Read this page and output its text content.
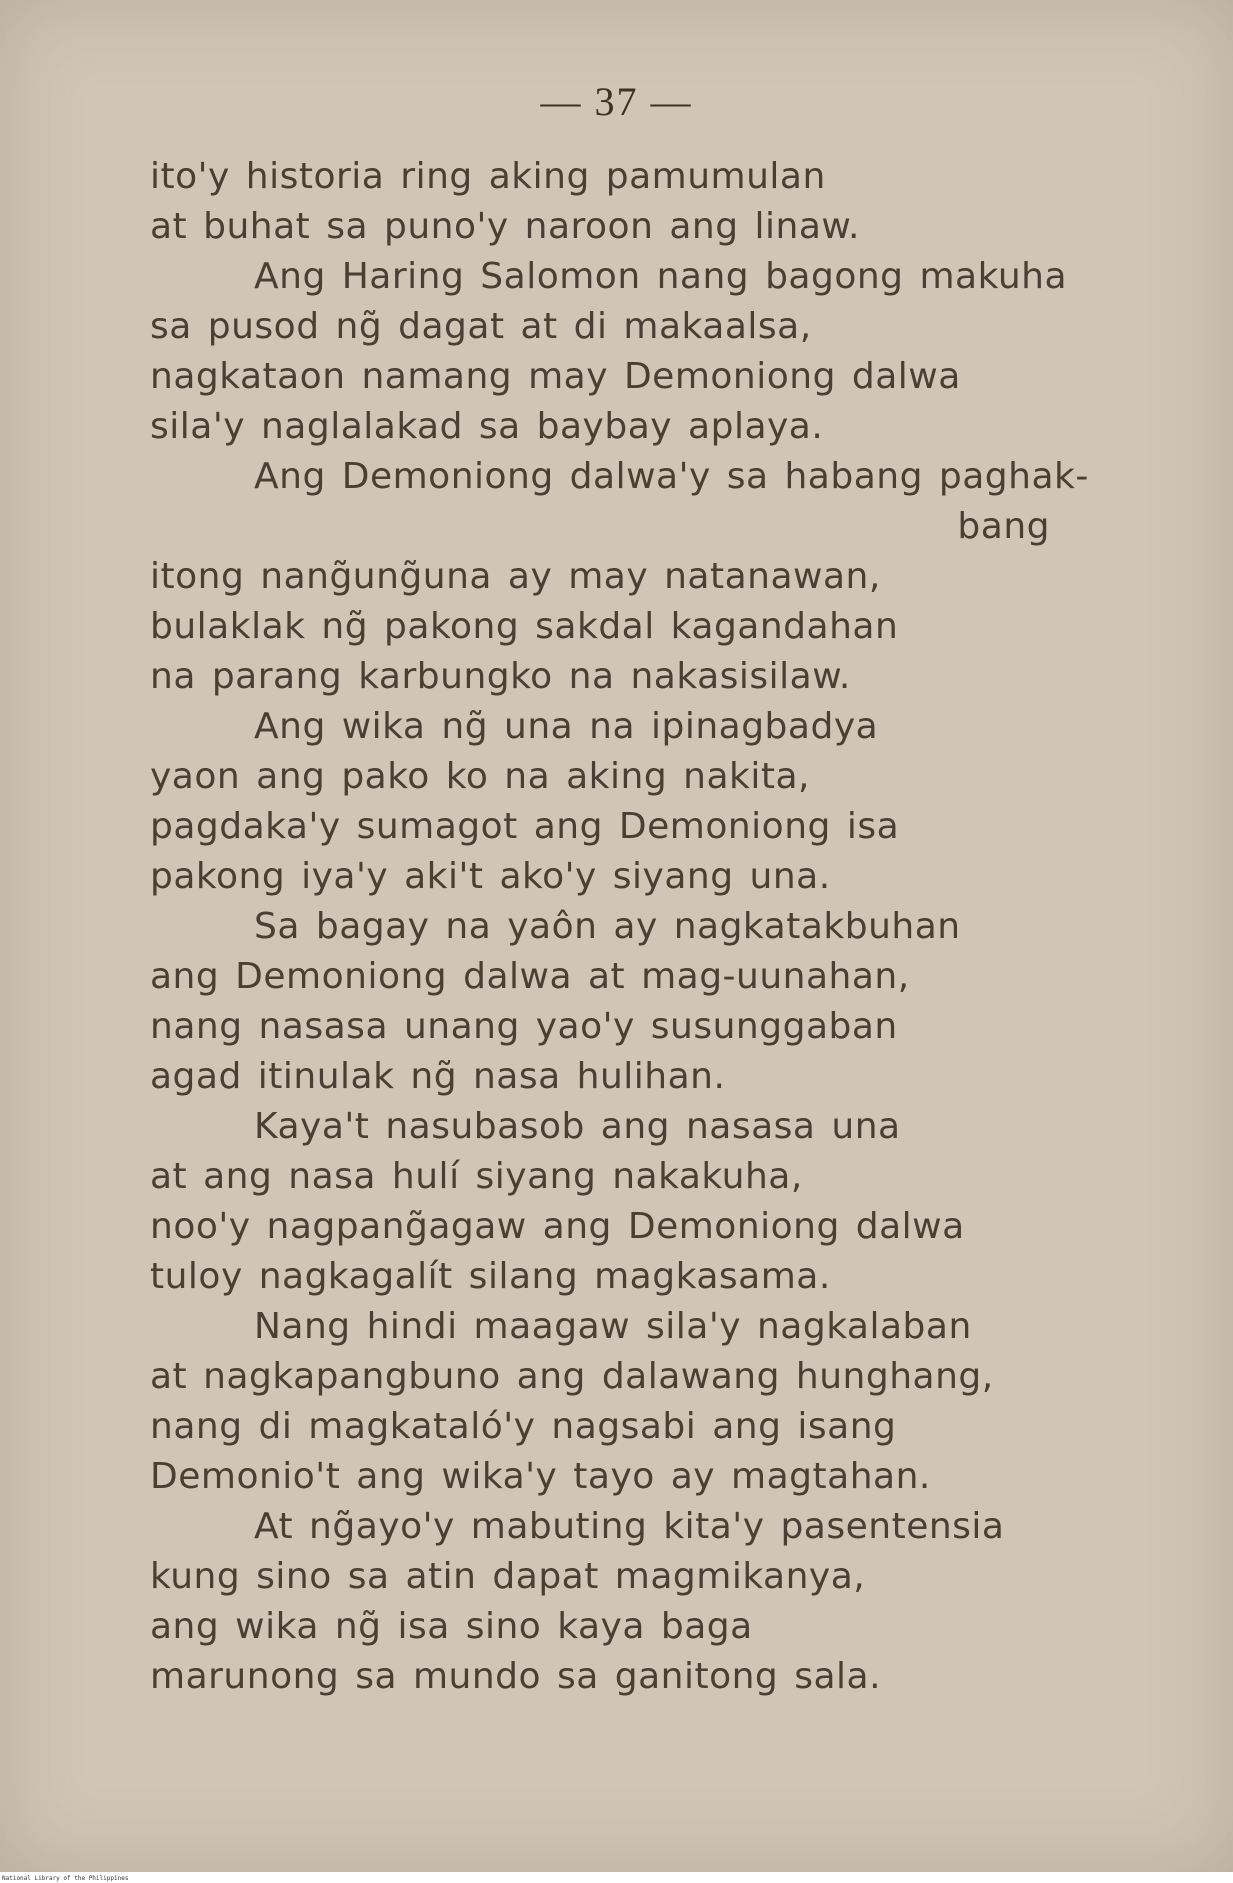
— 37 —
ito'y historia ring aking pamumulan
at buhat sa puno'y naroon ang linaw.
Ang Haring Salomon nang bagong makuha
sa pusod ng̃ dagat at di makaalsa,
nagkataon namang may Demoniong dalwa
sila'y naglalakad sa baybay aplaya.
Ang Demoniong dalwa'y sa habang paghak-
bang
itong nang̃ung̃una ay may natanawan,
bulaklak ng̃ pakong sakdal kagandahan
na parang karbungko na nakasisilaw.
Ang wika ng̃ una na ipinagbadya
yaon ang pako ko na aking nakita,
pagdaka'y sumagot ang Demoniong isa
pakong iya'y aki't ako'y siyang una.
Sa bagay na yaôn ay nagkatakbuhan
ang Demoniong dalwa at mag-uunahan,
nang nasasa unang yao'y susunggaban
agad itinulak ng̃ nasa hulihan.
Kaya't nasubasob ang nasasa una
at ang nasa hulí siyang nakakuha,
noo'y nagpang̃agaw ang Demoniong dalwa
tuloy nagkagalít silang magkasama.
Nang hindi maagaw sila'y nagkalaban
at nagkapangbuno ang dalawang hunghang,
nang di magkataló'y nagsabi ang isang
Demonio't ang wika'y tayo ay magtahan.
At ng̃ayo'y mabuting kita'y pasentensia
kung sino sa atin dapat magmikanya,
ang wika ng̃ isa sino kaya baga
marunong sa mundo sa ganitong sala.
National Library of the Philippines
